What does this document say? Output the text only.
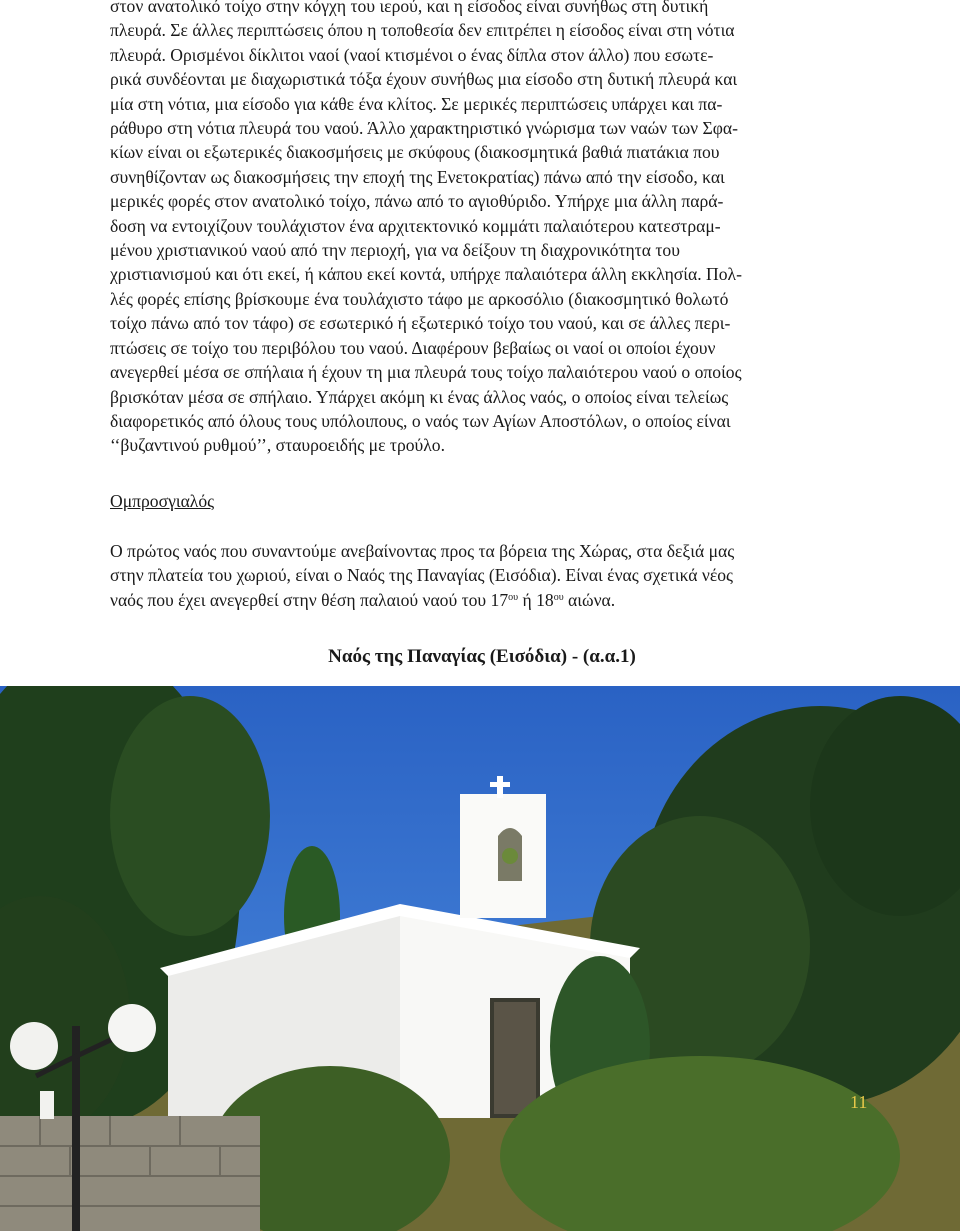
στον ανατολικό τοίχο στην κόγχη του ιερού, και η είσοδος είναι συνήθως στη δυτική
πλευρά. Σε άλλες περιπτώσεις όπου η τοποθεσία δεν επιτρέπει η είσοδος είναι στη νότια
πλευρά. Ορισμένοι δίκλιτοι ναοί (ναοί κτισμένοι ο ένας δίπλα στον άλλο) που εσωτε-
ρικά συνδέονται με διαχωριστικά τόξα έχουν συνήθως μια είσοδο στη δυτική πλευρά και
μία στη νότια, μια είσοδο για κάθε ένα κλίτος. Σε μερικές περιπτώσεις υπάρχει και πα-
ράθυρο στη νότια πλευρά του ναού. Άλλο χαρακτηριστικό γνώρισμα των ναών των Σφα-
κίων είναι οι εξωτερικές διακοσμήσεις με σκύφους (διακοσμητικά βαθιά πιατάκια που
συνηθίζονταν ως διακοσμήσεις την εποχή της Ενετοκρατίας) πάνω από την είσοδο, και
μερικές φορές στον ανατολικό τοίχο, πάνω από το αγιοθύριδο. Υπήρχε μια άλλη παρά-
δοση να εντοιχίζουν τουλάχιστον ένα αρχιτεκτονικό κομμάτι παλαιότερου κατεστραμ-
μένου χριστιανικού ναού από την περιοχή, για να δείξουν τη διαχρονικότητα του
χριστιανισμού και ότι εκεί, ή κάπου εκεί κοντά, υπήρχε παλαιότερα άλλη εκκλησία. Πολ-
λές φορές επίσης βρίσκουμε ένα τουλάχιστο τάφο με αρκοσόλιο (διακοσμητικό θολωτό
τοίχο πάνω από τον τάφο) σε εσωτερικό ή εξωτερικό τοίχο του ναού, και σε άλλες περι-
πτώσεις σε τοίχο του περιβόλου του ναού. Διαφέρουν βεβαίως οι ναοί οι οποίοι έχουν
ανεγερθεί μέσα σε σπήλαια ή έχουν τη μια πλευρά τους τοίχο παλαιότερου ναού ο οποίος
βρισκόταν μέσα σε σπήλαιο. Υπάρχει ακόμη κι ένας άλλος ναός, ο οποίος είναι τελείως
διαφορετικός από όλους τους υπόλοιπους, ο ναός των Αγίων Αποστόλων, ο οποίος είναι
‘‘βυζαντινού ρυθμού’’, σταυροειδής με τρούλο.

Ομπροσγιαλός

Ο πρώτος ναός που συναντούμε ανεβαίνοντας προς τα βόρεια της Χώρας, στα δεξιά μας
στην πλατεία του χωριού, είναι ο Ναός της Παναγίας (Εισόδια). Είναι ένας σχετικά νέος
ναός που έχει ανεγερθεί στην θέση παλαιού ναού του $17^{o\upsilon}$ ή $18^{o\upsilon}$ αιώνα.

Ναός της Παναγίας (Εισόδια) - (α.α.1)

11
